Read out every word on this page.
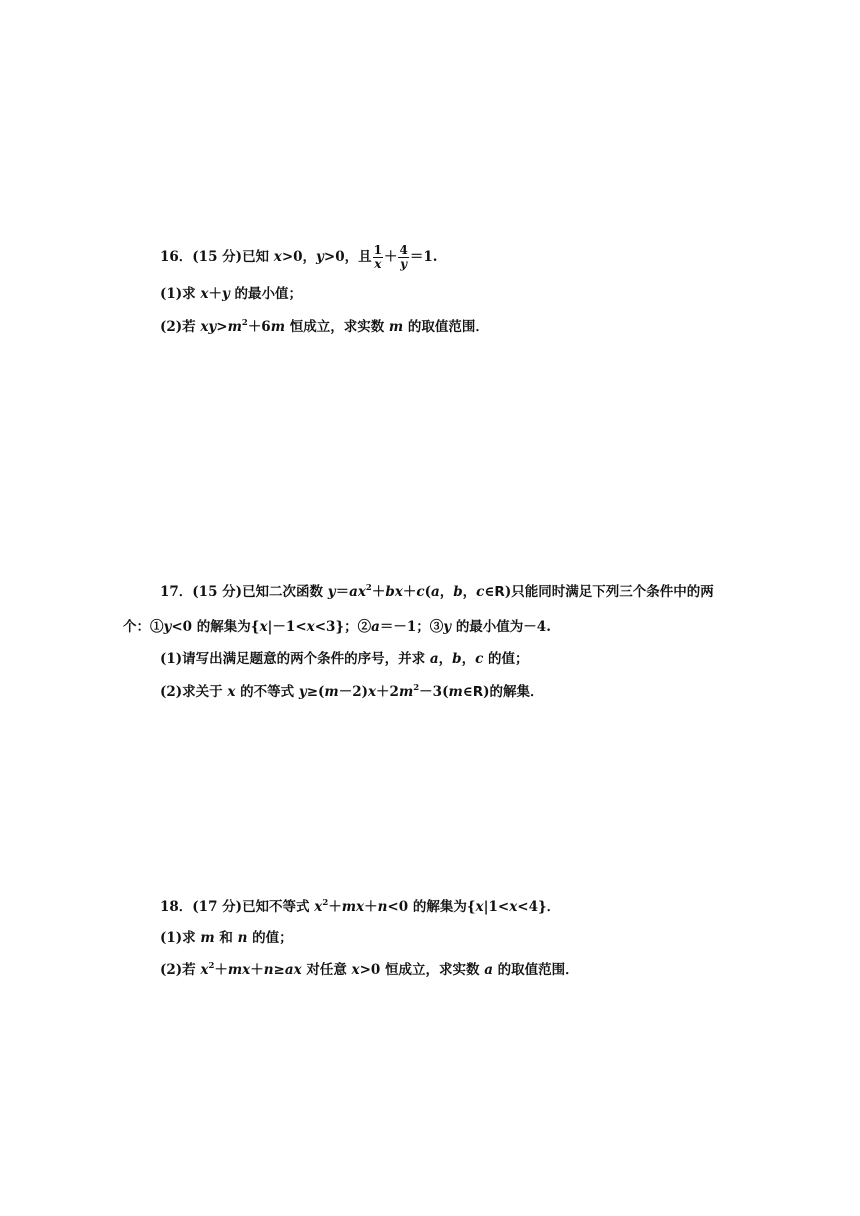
16．(15 分)已知 x>0，y>0，且 $\frac{1}{x} + \frac{4}{y} =1$.
(1)求 x＋y 的最小值；
(2)若 $xy>m^2+6m$ 恒成立，求实数 m 的取值范围．
17．(15 分)已知二次函数 $y=ax^2+bx+c(a$，b，c∈R)只能同时满足下列三个条件中的两
个：①y<0 的解集为{x|－1<x<3}；②a＝－1；③y 的最小值为－4.
(1)请写出满足题意的两个条件的序号，并求 a，b，c 的值；
(2)求关于 x 的不等式 $y\ge(m-2)x+2m^2-3(m\in R)$的解集．
18．(17 分)已知不等式 $x^2+mx+n<0$ 的解集为{x|1<x<4}．
(1)求 m 和 n 的值；
(2)若 $x^2+mx+n\ge ax$ 对任意 x>0 恒成立，求实数 a 的取值范围．
